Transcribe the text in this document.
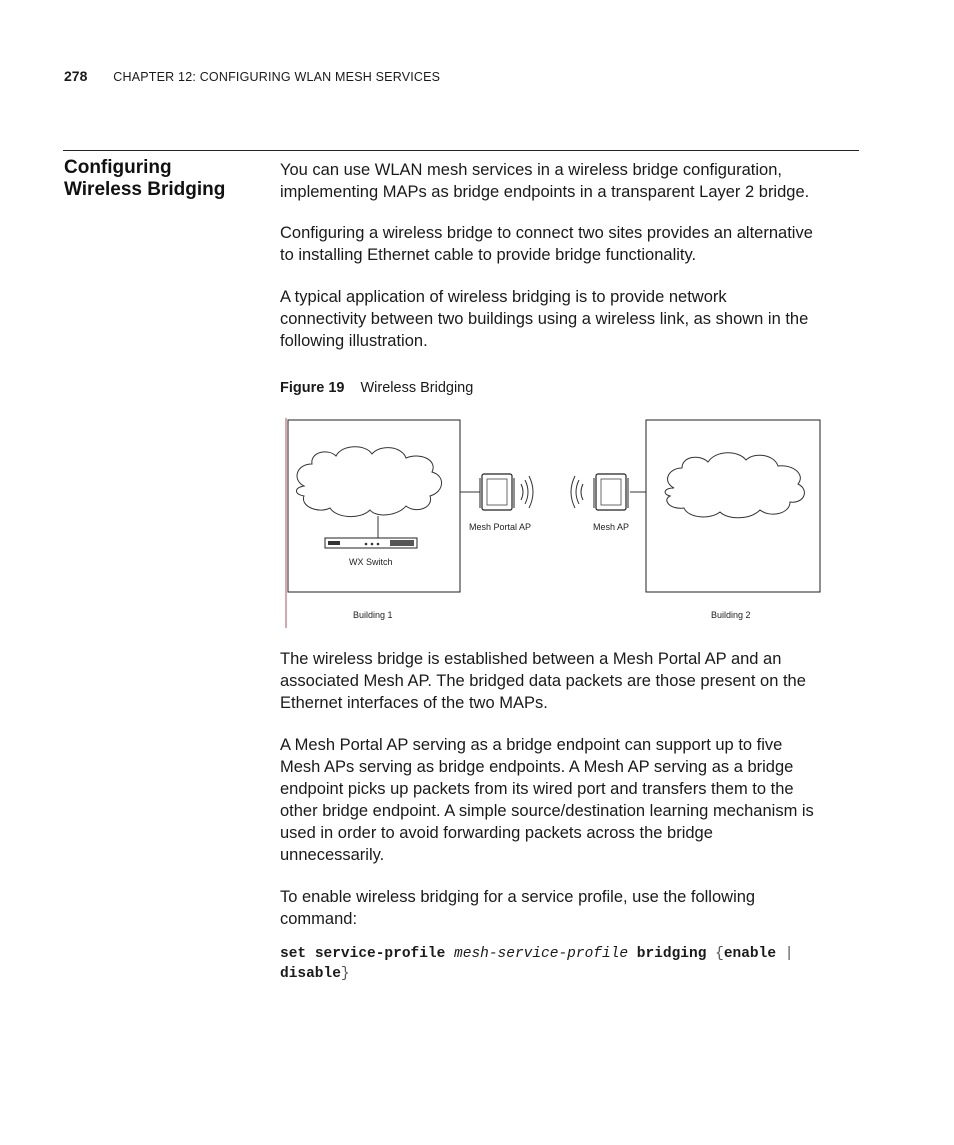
278 CHAPTER 12: CONFIGURING WLAN MESH SERVICES
Configuring
Wireless Bridging

You can use WLAN mesh services in a wireless bridge configuration,
implementing MAPs as bridge endpoints in a transparent Layer 2 bridge.

Configuring a wireless bridge to connect two sites provides an alternative
to installing Ethernet cable to provide bridge functionality.

A typical application of wireless bridging is to provide network
connectivity between two buildings using a wireless link, as shown in the
following illustration.

Figure 19 Wireless Bridging
WX Switch
Mesh Portal AP	Mesh AP
Building 1	Building 2

The wireless bridge is established between a Mesh Portal AP and an
associated Mesh AP. The bridged data packets are those present on the
Ethernet interfaces of the two MAPs.

A Mesh Portal AP serving as a bridge endpoint can support up to five
Mesh APs serving as bridge endpoints. A Mesh AP serving as a bridge
endpoint picks up packets from its wired port and transfers them to the
other bridge endpoint. A simple source/destination learning mechanism is
used in order to avoid forwarding packets across the bridge
unnecessarily.

To enable wireless bridging for a service profile, use the following
command:

set service-profile mesh-service-profile bridging {enable |
disable}
